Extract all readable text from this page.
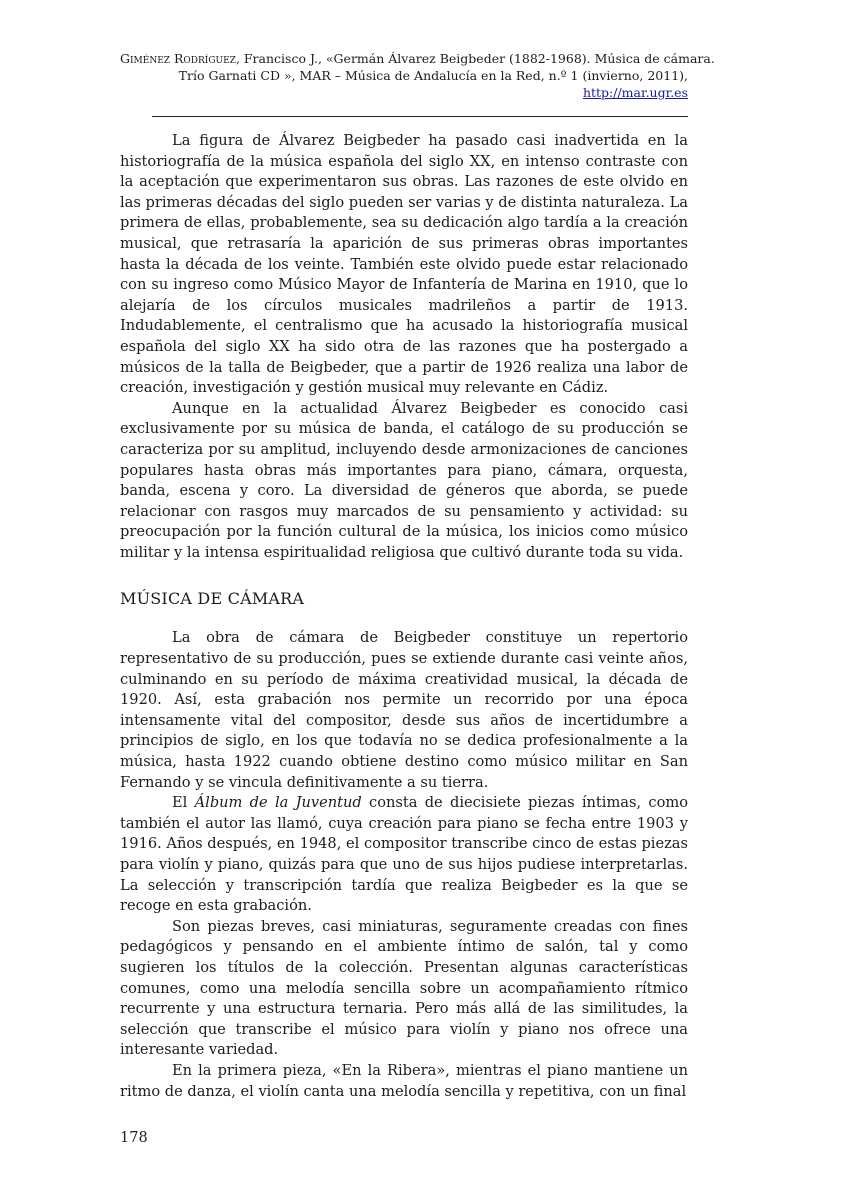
Giménez Rodríguez, Francisco J., «Germán Álvarez Beigbeder (1882-1968). Música de cámara.
Trío Garnati CD », MAR – Música de Andalucía en la Red, n.º 1 (invierno, 2011),
http://mar.ugr.es

La figura de Álvarez Beigbeder ha pasado casi inadvertida en la historiografía de la música española del siglo XX, en intenso contraste con la aceptación que experimentaron sus obras. Las razones de este olvido en las primeras décadas del siglo pueden ser varias y de distinta naturaleza. La primera de ellas, probablemente, sea su dedicación algo tardía a la creación musical, que retrasaría la aparición de sus primeras obras importantes hasta la década de los veinte. También este olvido puede estar relacionado con su ingreso como Músico Mayor de Infantería de Marina en 1910, que lo alejaría de los círculos musicales madrileños a partir de 1913. Indudablemente, el centralismo que ha acusado la historiografía musical española del siglo XX ha sido otra de las razones que ha postergado a músicos de la talla de Beigbeder, que a partir de 1926 realiza una labor de creación, investigación y gestión musical muy relevante en Cádiz.

Aunque en la actualidad Álvarez Beigbeder es conocido casi exclusivamente por su música de banda, el catálogo de su producción se caracteriza por su amplitud, incluyendo desde armonizaciones de canciones populares hasta obras más importantes para piano, cámara, orquesta, banda, escena y coro. La diversidad de géneros que aborda, se puede relacionar con rasgos muy marcados de su pensamiento y actividad: su preocupación por la función cultural de la música, los inicios como músico militar y la intensa espiritualidad religiosa que cultivó durante toda su vida.

MÚSICA DE CÁMARA

La obra de cámara de Beigbeder constituye un repertorio representativo de su producción, pues se extiende durante casi veinte años, culminando en su período de máxima creatividad musical, la década de 1920. Así, esta grabación nos permite un recorrido por una época intensamente vital del compositor, desde sus años de incertidumbre a principios de siglo, en los que todavía no se dedica profesionalmente a la música, hasta 1922 cuando obtiene destino como músico militar en San Fernando y se vincula definitivamente a su tierra.

El Álbum de la Juventud consta de diecisiete piezas íntimas, como también el autor las llamó, cuya creación para piano se fecha entre 1903 y 1916. Años después, en 1948, el compositor transcribe cinco de estas piezas para violín y piano, quizás para que uno de sus hijos pudiese interpretarlas. La selección y transcripción tardía que realiza Beigbeder es la que se recoge en esta grabación.

Son piezas breves, casi miniaturas, seguramente creadas con fines pedagógicos y pensando en el ambiente íntimo de salón, tal y como sugieren los títulos de la colección. Presentan algunas características comunes, como una melodía sencilla sobre un acompañamiento rítmico recurrente y una estructura ternaria. Pero más allá de las similitudes, la selección que transcribe el músico para violín y piano nos ofrece una interesante variedad.

En la primera pieza, «En la Ribera», mientras el piano mantiene un ritmo de danza, el violín canta una melodía sencilla y repetitiva, con un final

178
